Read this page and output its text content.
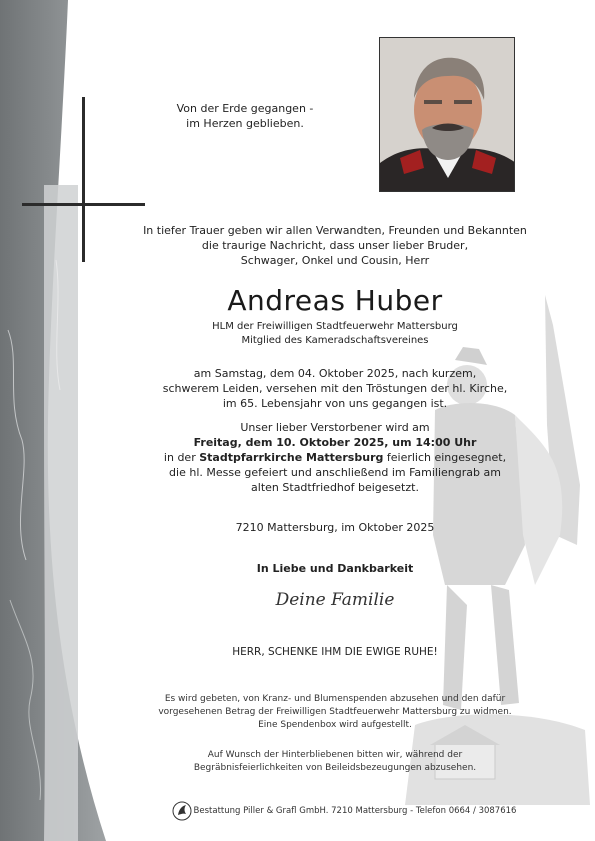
Von der Erde gegangen -
im Herzen geblieben.
In tiefer Trauer geben wir allen Verwandten, Freunden und Bekannten
die traurige Nachricht, dass unser lieber Bruder,
Schwager, Onkel und Cousin, Herr
Andreas Huber
HLM der Freiwilligen Stadtfeuerwehr Mattersburg
Mitglied des Kameradschaftsvereines
am Samstag, dem 04. Oktober 2025, nach kurzem,
schwerem Leiden, versehen mit den Tröstungen der hl. Kirche,
im 65. Lebensjahr von uns gegangen ist.
Unser lieber Verstorbener wird am
Freitag, dem 10. Oktober 2025, um 14:00 Uhr
in der Stadtpfarrkirche Mattersburg feierlich eingesegnet,
die hl. Messe gefeiert und anschließend im Familiengrab am
alten Stadtfriedhof beigesetzt.
7210 Mattersburg, im Oktober 2025
In Liebe und Dankbarkeit
Deine Familie
HERR, SCHENKE IHM DIE EWIGE RUHE!
Es wird gebeten, von Kranz- und Blumenspenden abzusehen und den dafür
vorgesehenen Betrag der Freiwilligen Stadtfeuerwehr Mattersburg zu widmen.
Eine Spendenbox wird aufgestellt.
Auf Wunsch der Hinterbliebenen bitten wir, während der
Begräbnisfeierlichkeiten von Beileidsbezeugungen abzusehen.
Bestattung Piller & Grafl GmbH. 7210 Mattersburg - Telefon 0664 / 3087616
